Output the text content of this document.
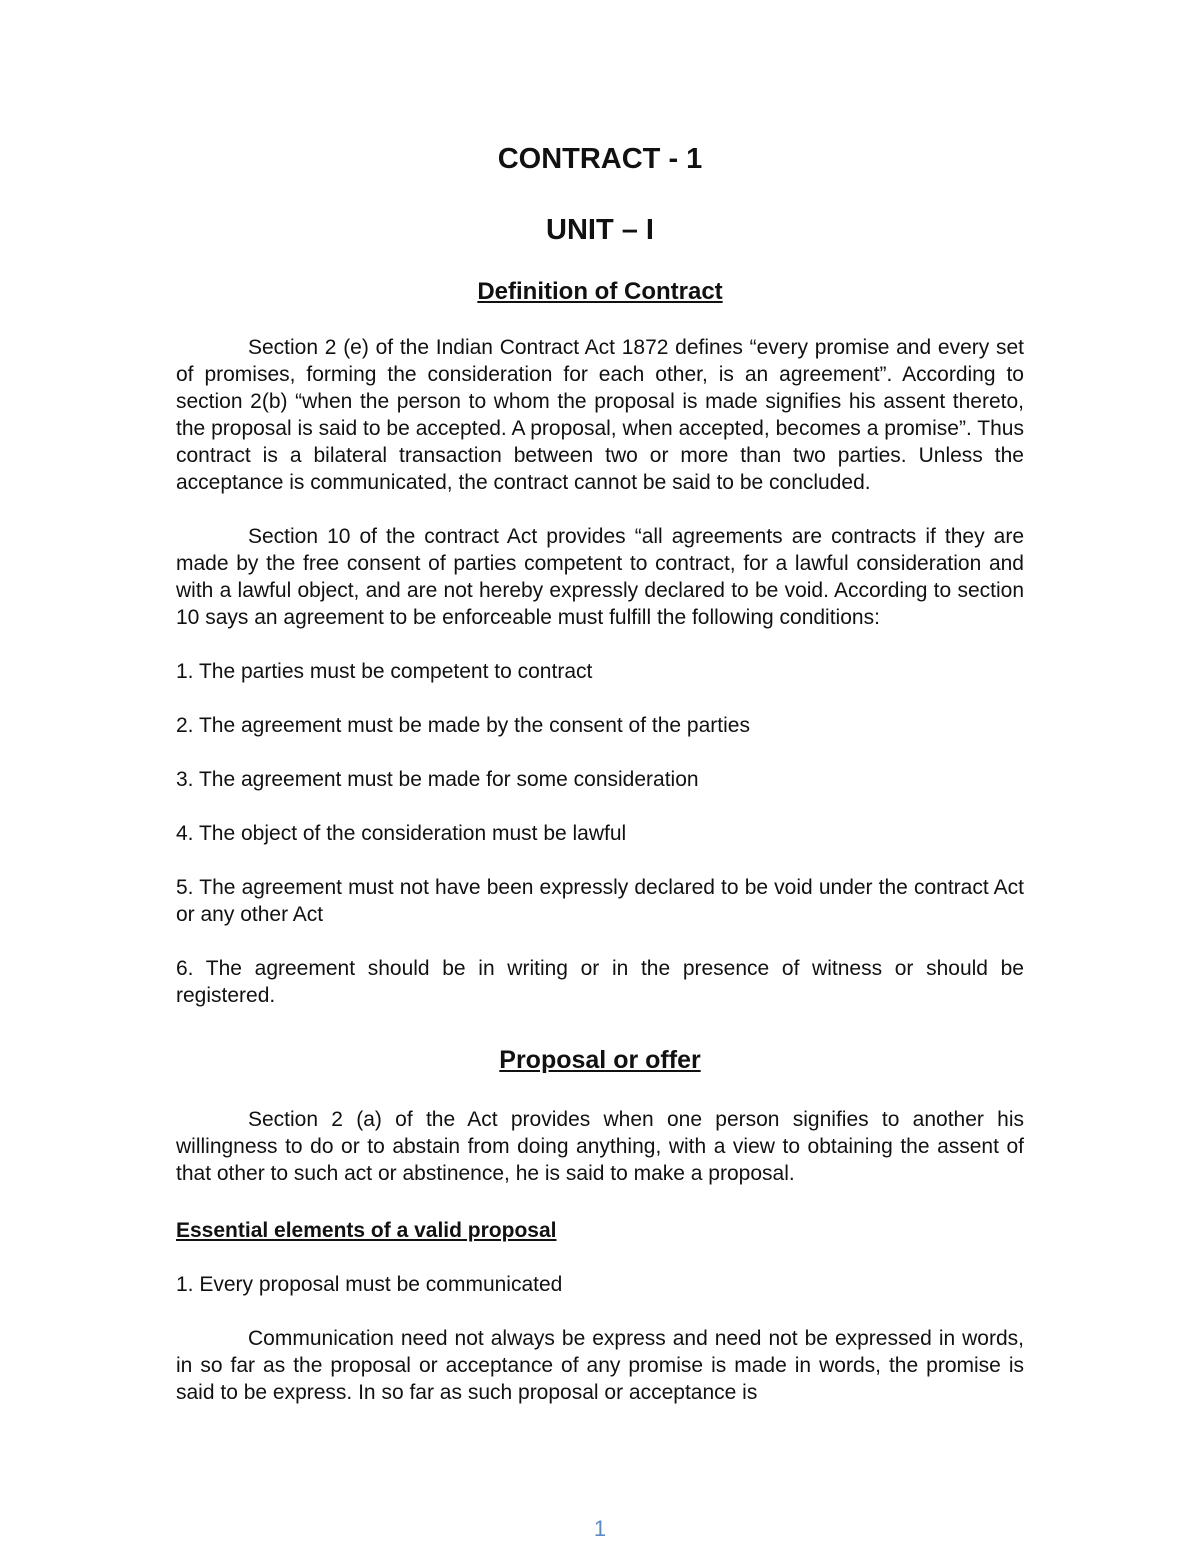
CONTRACT - 1
UNIT – I
Definition of Contract

Section 2 (e) of the Indian Contract Act 1872 defines “every promise and every set of promises, forming the consideration for each other, is an agreement”. According to section 2(b) “when the person to whom the proposal is made signifies his assent thereto, the proposal is said to be accepted. A proposal, when accepted, becomes a promise”. Thus contract is a bilateral transaction between two or more than two parties. Unless the acceptance is communicated, the contract cannot be said to be concluded.

Section 10 of the contract Act provides “all agreements are contracts if they are made by the free consent of parties competent to contract, for a lawful consideration and with a lawful object, and are not hereby expressly declared to be void. According to section 10 says an agreement to be enforceable must fulfill the following conditions:

1. The parties must be competent to contract

2. The agreement must be made by the consent of the parties

3. The agreement must be made for some consideration

4. The object of the consideration must be lawful

5. The agreement must not have been expressly declared to be void under the contract Act or any other Act

6. The agreement should be in writing or in the presence of witness or should be registered.

Proposal or offer

Section 2 (a) of the Act provides when one person signifies to another his willingness to do or to abstain from doing anything, with a view to obtaining the assent of that other to such act or abstinence, he is said to make a proposal.

Essential elements of a valid proposal

1. Every proposal must be communicated

Communication need not always be express and need not be expressed in words, in so far as the proposal or acceptance of any promise is made in words, the promise is said to be express. In so far as such proposal or acceptance is

1
